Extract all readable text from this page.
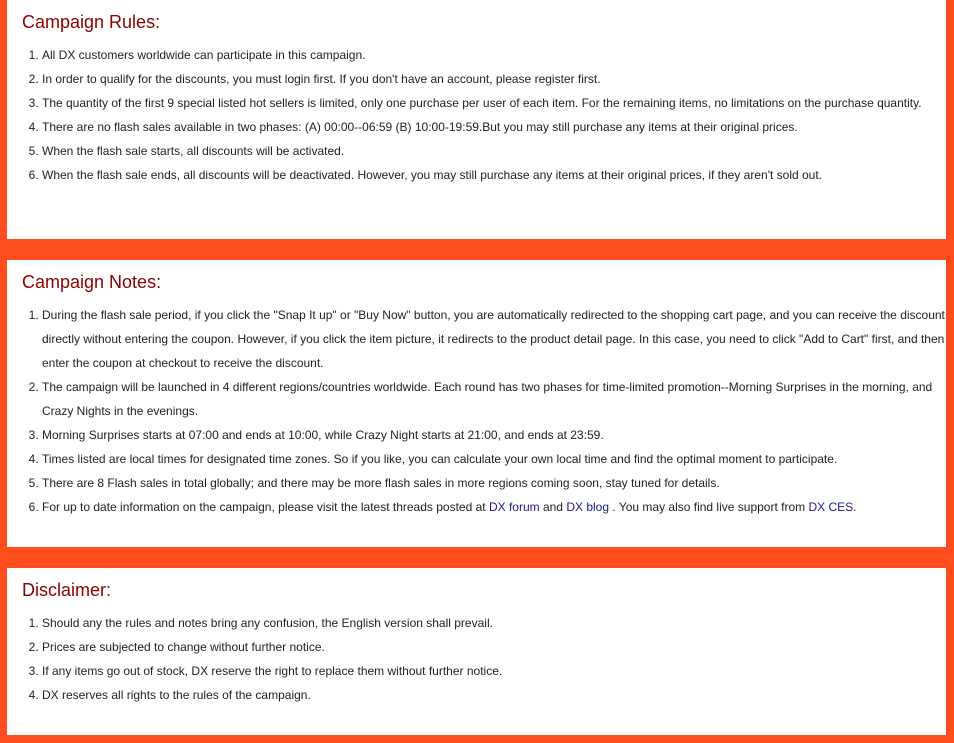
Campaign Rules:
1. All DX customers worldwide can participate in this campaign.
2. In order to qualify for the discounts, you must login first. If you don't have an account, please register first.
3. The quantity of the first 9 special listed hot sellers is limited, only one purchase per user of each item. For the remaining items, no limitations on the purchase quantity.
4. There are no flash sales available in two phases: (A) 00:00--06:59 (B) 10:00-19:59.But you may still purchase any items at their original prices.
5. When the flash sale starts, all discounts will be activated.
6. When the flash sale ends, all discounts will be deactivated. However, you may still purchase any items at their original prices, if they aren't sold out.
Campaign Notes:
1. During the flash sale period, if you click the "Snap It up" or "Buy Now" button, you are automatically redirected to the shopping cart page, and you can receive the discount directly without entering the coupon. However, if you click the item picture, it redirects to the product detail page. In this case, you need to click "Add to Cart" first, and then enter the coupon at checkout to receive the discount.
2. The campaign will be launched in 4 different regions/countries worldwide. Each round has two phases for time-limited promotion--Morning Surprises in the morning, and Crazy Nights in the evenings.
3. Morning Surprises starts at 07:00 and ends at 10:00, while Crazy Night starts at 21:00, and ends at 23:59.
4. Times listed are local times for designated time zones. So if you like, you can calculate your own local time and find the optimal moment to participate.
5. There are 8 Flash sales in total globally; and there may be more flash sales in more regions coming soon, stay tuned for details.
6. For up to date information on the campaign, please visit the latest threads posted at DX forum and DX blog . You may also find live support from DX CES.
Disclaimer:
1. Should any the rules and notes bring any confusion, the English version shall prevail.
2. Prices are subjected to change without further notice.
3. If any items go out of stock, DX reserve the right to replace them without further notice.
4. DX reserves all rights to the rules of the campaign.
